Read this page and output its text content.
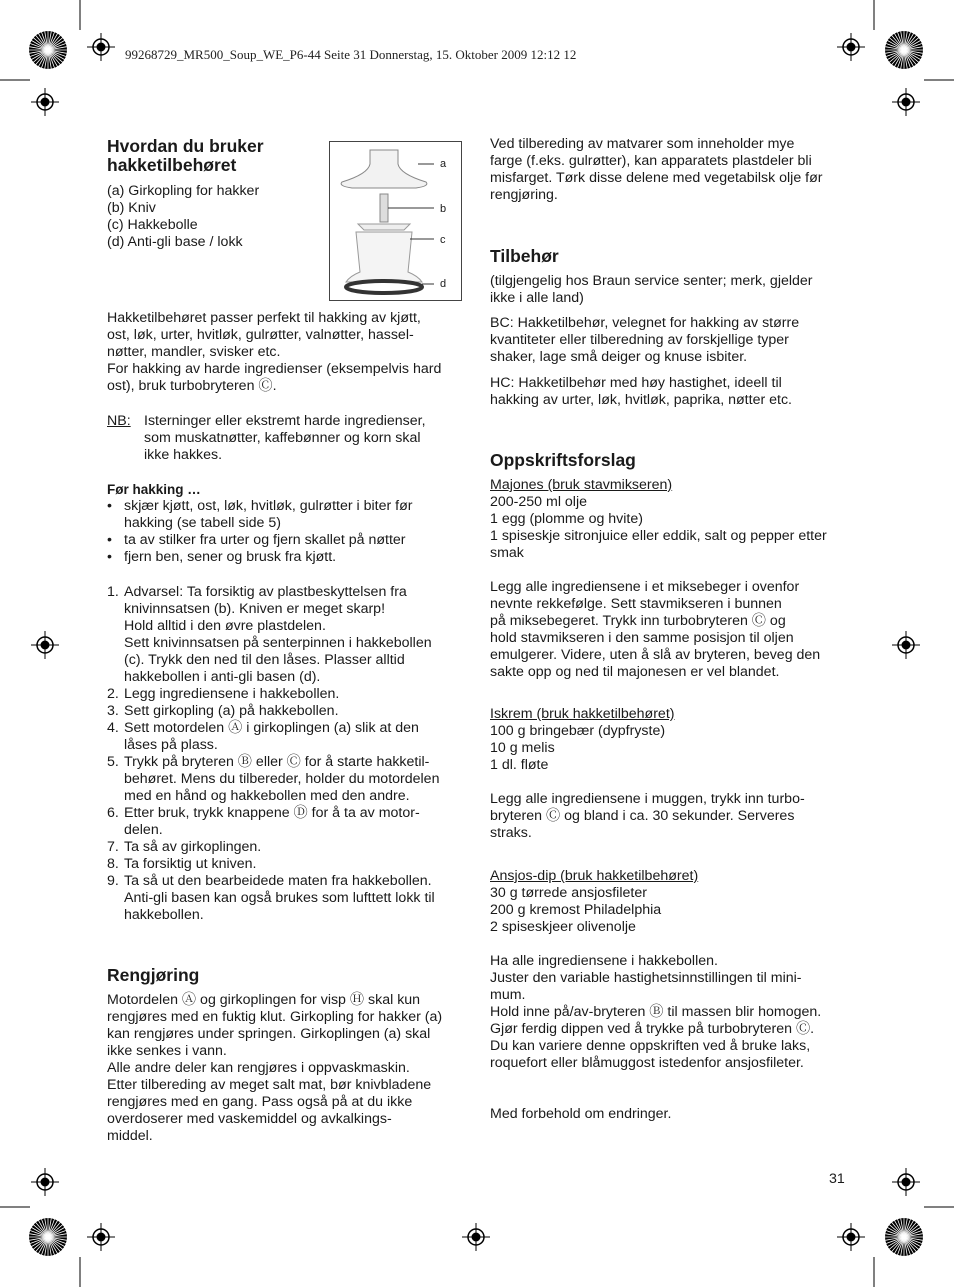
99268729_MR500_Soup_WE_P6-44 Seite 31 Donnerstag, 15. Oktober 2009 12:12 12
Hvordan du bruker
hakketilbehøret
(a) Girkopling for hakker
(b) Kniv
(c) Hakkebolle
(d) Anti-gli base / lokk
a
b
c
d
Hakketilbehøret passer perfekt til hakking av kjøtt,
ost, løk, urter, hvitløk, gulrøtter, valnøtter, hassel-
nøtter, mandler, svisker etc.
For hakking av harde ingredienser (eksempelvis hard
ost), bruk turbobryteren Ⓒ.
NB: Isterninger eller ekstremt harde ingredienser,
som muskatnøtter, kaffebønner og korn skal
ikke hakkes.
Før hakking …
• skjær kjøtt, ost, løk, hvitløk, gulrøtter i biter før
hakking (se tabell side 5)
• ta av stilker fra urter og fjern skallet på nøtter
• fjern ben, sener og brusk fra kjøtt.
1. Advarsel: Ta forsiktig av plastbeskyttelsen fra
knivinnsatsen (b). Kniven er meget skarp!
Hold alltid i den øvre plastdelen.
Sett knivinnsatsen på senterpinnen i hakkebollen
(c). Trykk den ned til den låses. Plasser alltid
hakkebollen i anti-gli basen (d).
2. Legg ingrediensene i hakkebollen.
3. Sett girkopling (a) på hakkebollen.
4. Sett motordelen Ⓐ i girkoplingen (a) slik at den
låses på plass.
5. Trykk på bryteren Ⓑ eller Ⓒ for å starte hakketil-
behøret. Mens du tilbereder, holder du motordelen
med en hånd og hakkebollen med den andre.
6. Etter bruk, trykk knappene Ⓓ for å ta av motor-
delen.
7. Ta så av girkoplingen.
8. Ta forsiktig ut kniven.
9. Ta så ut den bearbeidede maten fra hakkebollen.
Anti-gli basen kan også brukes som lufttett lokk til
hakkebollen.
Rengjøring
Motordelen Ⓐ og girkoplingen for visp Ⓗ skal kun
rengjøres med en fuktig klut. Girkopling for hakker (a)
kan rengjøres under springen. Girkoplingen (a) skal
ikke senkes i vann.
Alle andre deler kan rengjøres i oppvaskmaskin.
Etter tilbereding av meget salt mat, bør knivbladene
rengjøres med en gang. Pass også på at du ikke
overdoserer med vaskemiddel og avkalkings-
middel.
Ved tilbereding av matvarer som inneholder mye
farge (f.eks. gulrøtter), kan apparatets plastdeler bli
misfarget. Tørk disse delene med vegetabilsk olje før
rengjøring.
Tilbehør
(tilgjengelig hos Braun service senter; merk, gjelder
ikke i alle land)
BC: Hakketilbehør, velegnet for hakking av større
kvantiteter eller tilberedning av forskjellige typer
shaker, lage små deiger og knuse isbiter.
HC: Hakketilbehør med høy hastighet, ideell til
hakking av urter, løk, hvitløk, paprika, nøtter etc.
Oppskriftsforslag
Majones (bruk stavmikseren)
200-250 ml olje
1 egg (plomme og hvite)
1 spiseskje sitronjuice eller eddik, salt og pepper etter
smak
Legg alle ingrediensene i et miksebeger i ovenfor
nevnte rekkefølge. Sett stavmikseren i bunnen
på miksebegeret. Trykk inn turbobryteren Ⓒ og
hold stavmikseren i den samme posisjon til oljen
emulgerer. Videre, uten å slå av bryteren, beveg den
sakte opp og ned til majonesen er vel blandet.
Iskrem (bruk hakketilbehøret)
100 g bringebær (dypfryste)
10 g melis
1 dl. fløte
Legg alle ingrediensene i muggen, trykk inn turbo-
bryteren Ⓒ og bland i ca. 30 sekunder. Serveres
straks.
Ansjos-dip (bruk hakketilbehøret)
30 g tørrede ansjosfileter
200 g kremost Philadelphia
2 spiseskjeer olivenolje
Ha alle ingrediensene i hakkebollen.
Juster den variable hastighetsinnstillingen til mini-
mum.
Hold inne på/av-bryteren Ⓑ til massen blir homogen.
Gjør ferdig dippen ved å trykke på turbobryteren Ⓒ.
Du kan variere denne oppskriften ved å bruke laks,
roquefort eller blåmuggost istedenfor ansjosfileter.
Med forbehold om endringer.
31
